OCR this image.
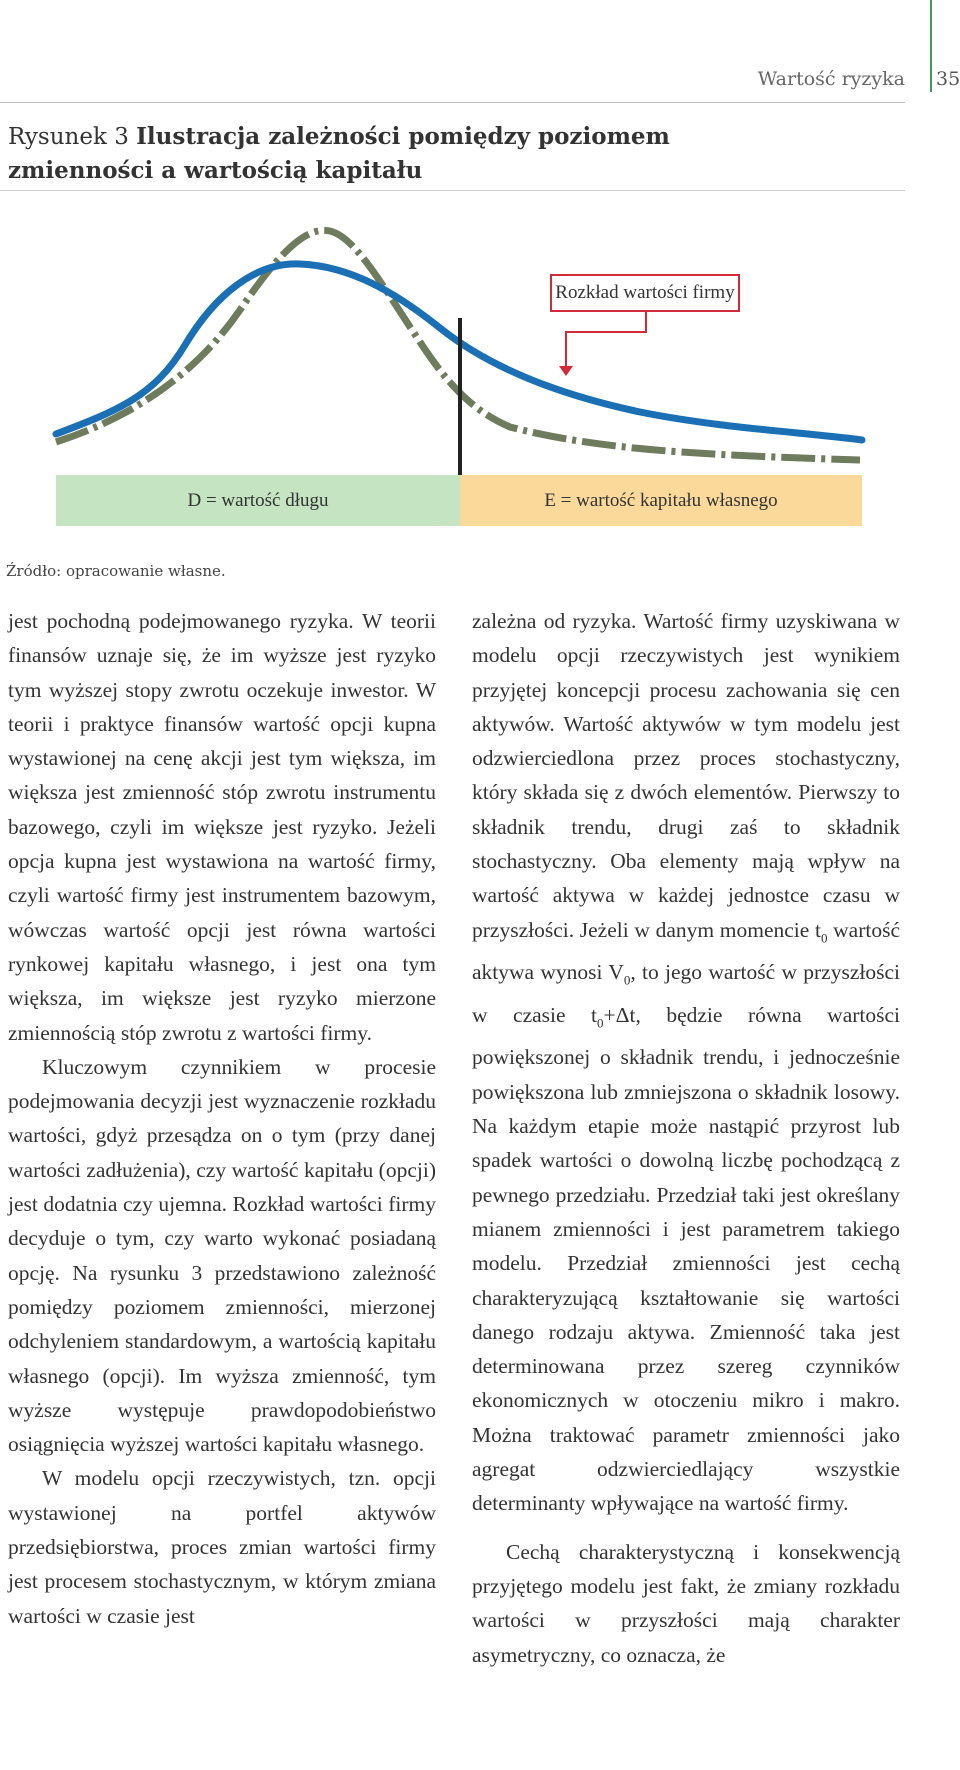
Wartość ryzyka 35
Rysunek 3 Ilustracja zależności pomiędzy poziomem zmienności a wartością kapitału
Rozkład wartości firmy
D = wartość długu	E = wartość kapitału własnego
Źródło: opracowanie własne.

jest pochodną podejmowanego ryzyka. W teorii finansów uznaje się, że im wyższe jest ryzyko tym wyższej stopy zwrotu oczekuje inwestor. W teorii i praktyce finansów wartość opcji kupna wystawionej na cenę akcji jest tym większa, im większa jest zmienność stóp zwrotu instrumentu bazowego, czyli im większe jest ryzyko. Jeżeli opcja kupna jest wystawiona na wartość firmy, czyli wartość firmy jest instrumentem bazowym, wówczas wartość opcji jest równa wartości rynkowej kapitału własnego, i jest ona tym większa, im większe jest ryzyko mierzone zmiennością stóp zwrotu z wartości firmy.

Kluczowym czynnikiem w procesie podejmowania decyzji jest wyznaczenie rozkładu wartości, gdyż przesądza on o tym (przy danej wartości zadłużenia), czy wartość kapitału (opcji) jest dodatnia czy ujemna. Rozkład wartości firmy decyduje o tym, czy warto wykonać posiadaną opcję. Na rysunku 3 przedstawiono zależność pomiędzy poziomem zmienności, mierzonej odchyleniem standardowym, a wartością kapitału własnego (opcji). Im wyższa zmienność, tym wyższe występuje prawdopodobieństwo osiągnięcia wyższej wartości kapitału własnego.

W modelu opcji rzeczywistych, tzn. opcji wystawionej na portfel aktywów przedsiębiorstwa, proces zmian wartości firmy jest procesem stochastycznym, w którym zmiana wartości w czasie jest

zależna od ryzyka. Wartość firmy uzyskiwana w modelu opcji rzeczywistych jest wynikiem przyjętej koncepcji procesu zachowania się cen aktywów. Wartość aktywów w tym modelu jest odzwierciedlona przez proces stochastyczny, który składa się z dwóch elementów. Pierwszy to składnik trendu, drugi zaś to składnik stochastyczny. Oba elementy mają wpływ na wartość aktywa w każdej jednostce czasu w przyszłości. Jeżeli w danym momencie $t_0$ wartość aktywa wynosi $V_0$, to jego wartość w przyszłości w czasie $t_0+\Delta t$, będzie równa wartości powiększonej o składnik trendu, i jednocześnie powiększona lub zmniejszona o składnik losowy. Na każdym etapie może nastąpić przyrost lub spadek wartości o dowolną liczbę pochodzącą z pewnego przedziału. Przedział taki jest określany mianem zmienności i jest parametrem takiego modelu. Przedział zmienności jest cechą charakteryzującą kształtowanie się wartości danego rodzaju aktywa. Zmienność taka jest determinowana przez szereg czynników ekonomicznych w otoczeniu mikro i makro. Można traktować parametr zmienności jako agregat odzwierciedlający wszystkie determinanty wpływające na wartość firmy.

Cechą charakterystyczną i konsekwencją przyjętego modelu jest fakt, że zmiany rozkładu wartości w przyszłości mają charakter asymetryczny, co oznacza, że
